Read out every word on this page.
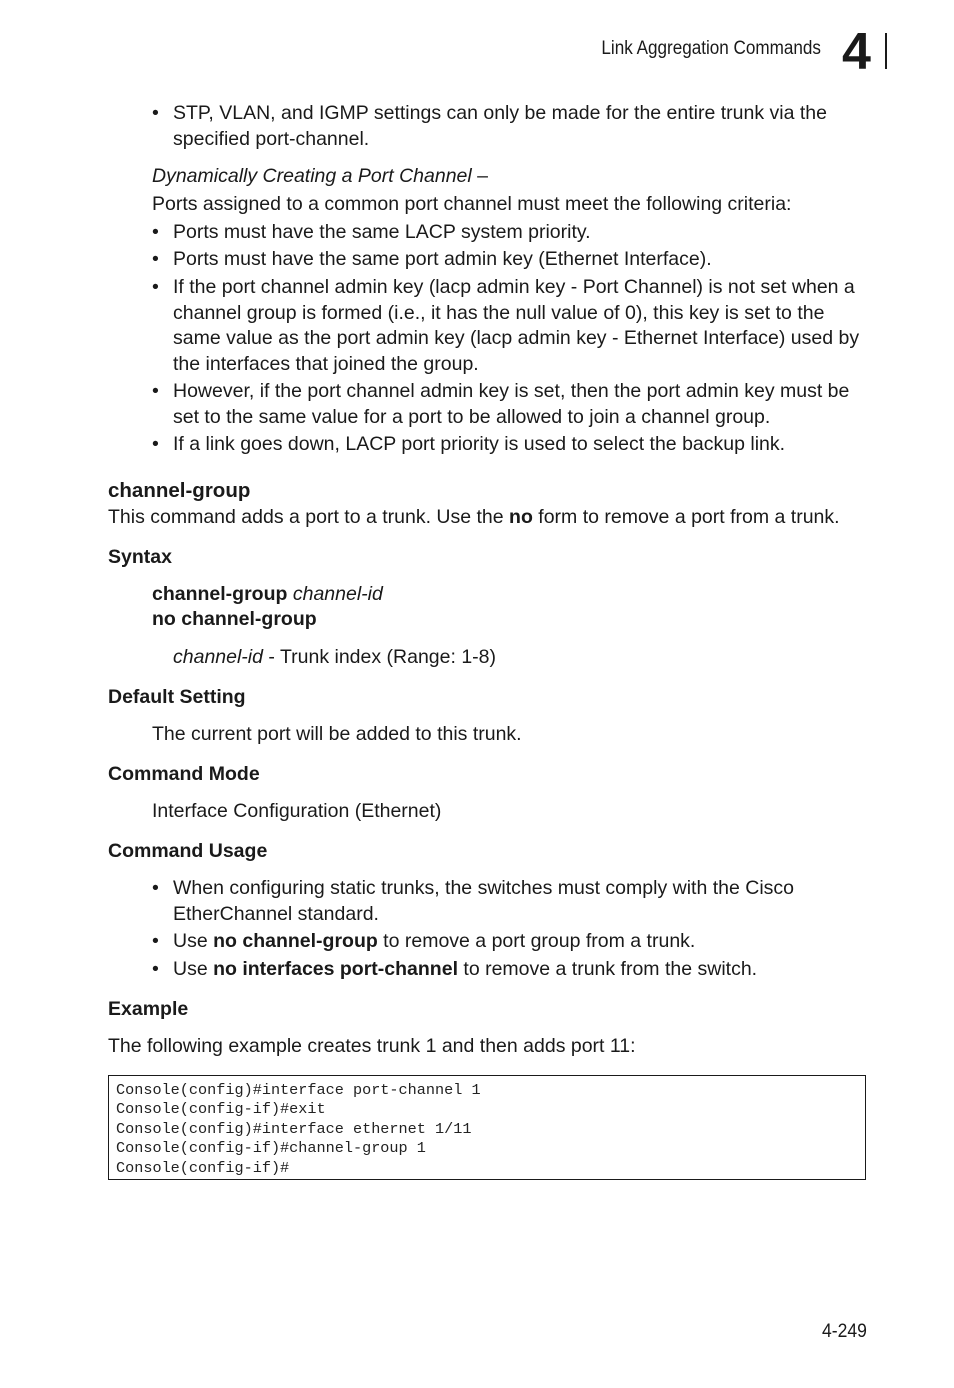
Link Aggregation Commands 4
• STP, VLAN, and IGMP settings can only be made for the entire trunk via the specified port-channel.
Dynamically Creating a Port Channel –
Ports assigned to a common port channel must meet the following criteria:
• Ports must have the same LACP system priority.
• Ports must have the same port admin key (Ethernet Interface).
• If the port channel admin key (lacp admin key - Port Channel) is not set when a channel group is formed (i.e., it has the null value of 0), this key is set to the same value as the port admin key (lacp admin key - Ethernet Interface) used by the interfaces that joined the group.
• However, if the port channel admin key is set, then the port admin key must be set to the same value for a port to be allowed to join a channel group.
• If a link goes down, LACP port priority is used to select the backup link.
channel-group
This command adds a port to a trunk. Use the no form to remove a port from a trunk.
Syntax
channel-group channel-id
no channel-group
channel-id - Trunk index (Range: 1-8)
Default Setting
The current port will be added to this trunk.
Command Mode
Interface Configuration (Ethernet)
Command Usage
• When configuring static trunks, the switches must comply with the Cisco EtherChannel standard.
• Use no channel-group to remove a port group from a trunk.
• Use no interfaces port-channel to remove a trunk from the switch.
Example
The following example creates trunk 1 and then adds port 11:
Console(config)#interface port-channel 1
Console(config-if)#exit
Console(config)#interface ethernet 1/11
Console(config-if)#channel-group 1
Console(config-if)#
4-249
